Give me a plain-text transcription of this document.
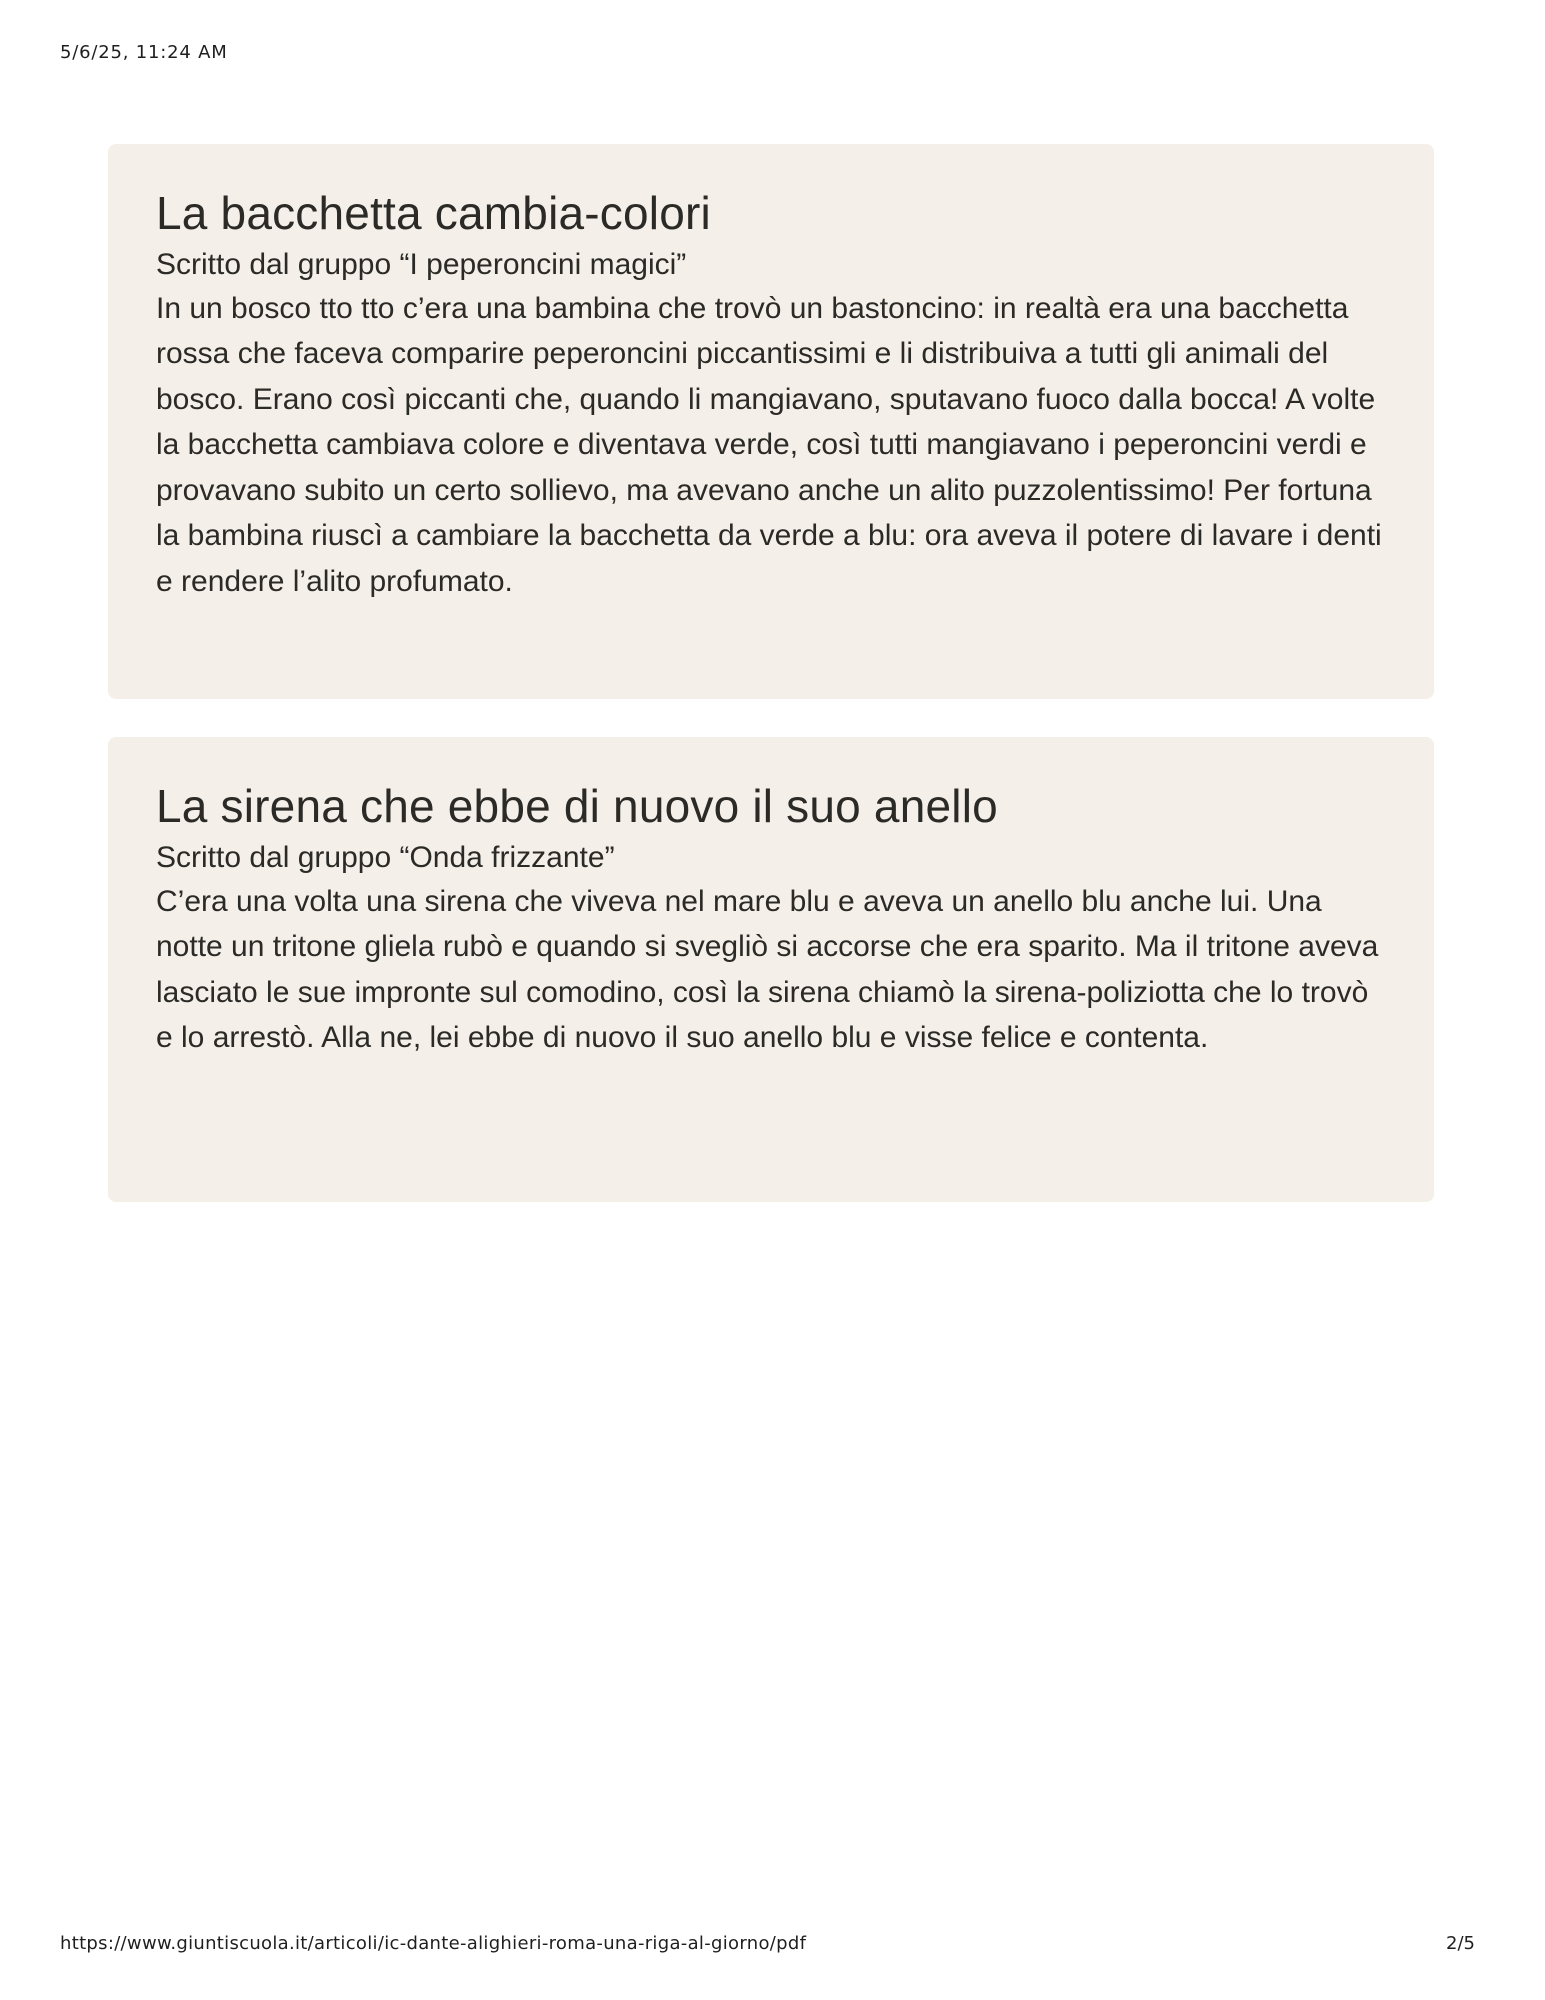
5/6/25, 11:24 AM
La bacchetta cambia-colori

Scritto dal gruppo “I peperoncini magici”

In un bosco tto tto c’era una bambina che trovò un bastoncino: in realtà era una bacchetta rossa che faceva comparire peperoncini piccantissimi e li distribuiva a tutti gli animali del bosco. Erano così piccanti che, quando li mangiavano, sputavano fuoco dalla bocca! A volte la bacchetta cambiava colore e diventava verde, così tutti mangiavano i peperoncini verdi e provavano subito un certo sollievo, ma avevano anche un alito puzzolentissimo! Per fortuna la bambina riuscì a cambiare la bacchetta da verde a blu: ora aveva il potere di lavare i denti e rendere l’alito profumato.

La sirena che ebbe di nuovo il suo anello

Scritto dal gruppo “Onda frizzante”

C’era una volta una sirena che viveva nel mare blu e aveva un anello blu anche lui. Una notte un tritone gliela rubò e quando si svegliò si accorse che era sparito. Ma il tritone aveva lasciato le sue impronte sul comodino, così la sirena chiamò la sirena-poliziotta che lo trovò e lo arrestò. Alla ne, lei ebbe di nuovo il suo anello blu e visse felice e contenta.

https://www.giuntiscuola.it/articoli/ic-dante-alighieri-roma-una-riga-al-giorno/pdf	2/5
